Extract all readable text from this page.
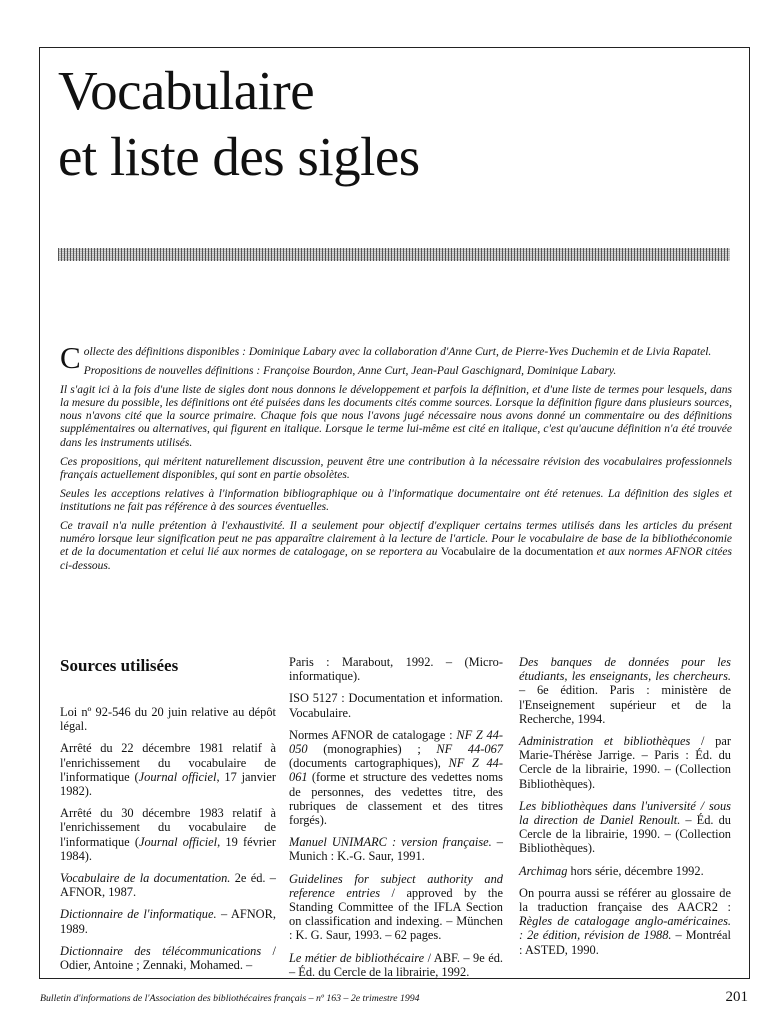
Vocabulaire
et liste des sigles

Collecte des définitions disponibles : Dominique Labary avec la collaboration d'Anne Curt, de Pierre-Yves Duchemin et de Livia Rapatel.

Propositions de nouvelles définitions : Françoise Bourdon, Anne Curt, Jean-Paul Gaschignard, Dominique Labary.

Il s'agit ici à la fois d'une liste de sigles dont nous donnons le développement et parfois la définition, et d'une liste de termes pour lesquels, dans la mesure du possible, les définitions ont été puisées dans les documents cités comme sources. Lorsque la définition figure dans plusieurs sources, nous n'avons cité que la source primaire. Chaque fois que nous l'avons jugé nécessaire nous avons donné un commentaire ou des définitions supplémentaires ou alternatives, qui figurent en italique. Lorsque le terme lui-même est cité en italique, c'est qu'aucune définition n'a été trouvée dans les instruments utilisés.

Ces propositions, qui méritent naturellement discussion, peuvent être une contribution à la nécessaire révision des vocabulaires professionnels français actuellement disponibles, qui sont en partie obsolètes.

Seules les acceptions relatives à l'information bibliographique ou à l'informatique documentaire ont été retenues. La définition des sigles et institutions ne fait pas référence à des sources éventuelles.

Ce travail n'a nulle prétention à l'exhaustivité. Il a seulement pour objectif d'expliquer certains termes utilisés dans les articles du présent numéro lorsque leur signification peut ne pas apparaître clairement à la lecture de l'article. Pour le vocabulaire de base de la bibliothéconomie et de la documentation et celui lié aux normes de catalogage, on se reportera au Vocabulaire de la documentation et aux normes AFNOR citées ci-dessous.

Sources utilisées

Loi nº 92-546 du 20 juin relative au dépôt légal.

Arrêté du 22 décembre 1981 relatif à l'enrichissement du vocabulaire de l'informatique (Journal officiel, 17 janvier 1982).

Arrêté du 30 décembre 1983 relatif à l'enrichissement du vocabulaire de l'informatique (Journal officiel, 19 février 1984).

Vocabulaire de la documentation. 2e éd. – AFNOR, 1987.

Dictionnaire de l'informatique. – AFNOR, 1989.

Dictionnaire des télécommunications / Odier, Antoine ; Zennaki, Mohamed. –

Paris : Marabout, 1992. – (Micro-informatique).

ISO 5127 : Documentation et information. Vocabulaire.

Normes AFNOR de catalogage : NF Z 44-050 (monographies) ; NF 44-067 (documents cartographiques), NF Z 44-061 (forme et structure des vedettes noms de personnes, des vedettes titre, des rubriques de classement et des titres forgés).

Manuel UNIMARC : version française. – Munich : K.-G. Saur, 1991.

Guidelines for subject authority and reference entries / approved by the Standing Committee of the IFLA Section on classification and indexing. – München : K. G. Saur, 1993. – 62 pages.

Le métier de bibliothécaire / ABF. – 9e éd. – Éd. du Cercle de la librairie, 1992.

Des banques de données pour les étudiants, les enseignants, les chercheurs. – 6e édition. Paris : ministère de l'Enseignement supérieur et de la Recherche, 1994.

Administration et bibliothèques / par Marie-Thérèse Jarrige. – Paris : Éd. du Cercle de la librairie, 1990. – (Collection Bibliothèques).

Les bibliothèques dans l'université / sous la direction de Daniel Renoult. – Éd. du Cercle de la librairie, 1990. – (Collection Bibliothèques).

Archimag hors série, décembre 1992.

On pourra aussi se référer au glossaire de la traduction française des AACR2 : Règles de catalogage anglo-américaines. : 2e édition, révision de 1988. – Montréal : ASTED, 1990.

Bulletin d'informations de l'Association des bibliothécaires français – nº 163 – 2e trimestre 1994	201
